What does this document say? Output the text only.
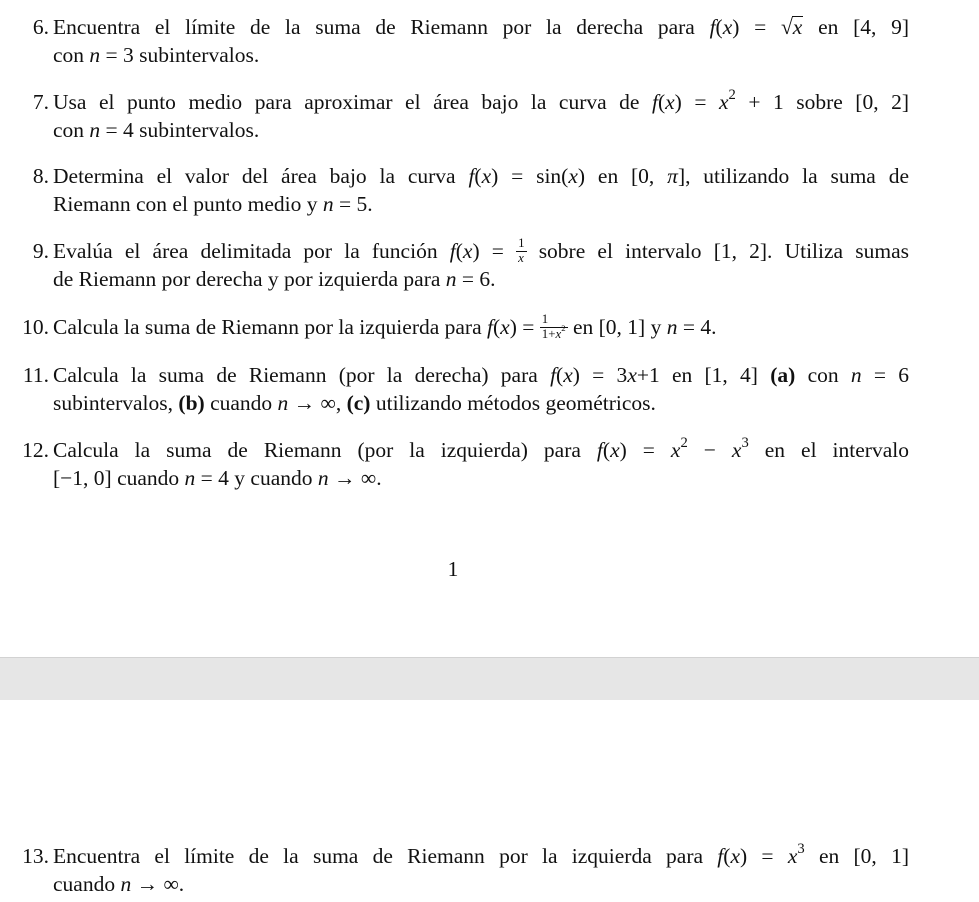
6. Encuentra el límite de la suma de Riemann por la derecha para f(x) = √x en [4, 9]
con n = 3 subintervalos.
7. Usa el punto medio para aproximar el área bajo la curva de $f(x) = x^2 + 1$ sobre [0, 2]
con n = 4 subintervalos.
8. Determina el valor del área bajo la curva f(x) = sin(x) en [0, π], utilizando la suma de
Riemann con el punto medio y n = 5.
9. Evalúa el área delimitada por la función $f(x) = \frac{1}{x}$ sobre el intervalo [1, 2]. Utiliza sumas
de Riemann por derecha y por izquierda para n = 6.
10. Calcula la suma de Riemann por la izquierda para $f(x) = \frac{1}{1+x^2}$ en [0, 1] y n = 4.
11. Calcula la suma de Riemann (por la derecha) para f(x) = 3x+1 en [1, 4] (a) con n = 6
subintervalos, (b) cuando n → ∞, (c) utilizando métodos geométricos.
12. Calcula la suma de Riemann (por la izquierda) para $f(x) = x^2 - x^3$ en el intervalo
[−1, 0] cuando n = 4 y cuando n → ∞.
1
13. Encuentra el límite de la suma de Riemann por la izquierda para $f(x) = x^3$ en [0, 1]
cuando n → ∞.
